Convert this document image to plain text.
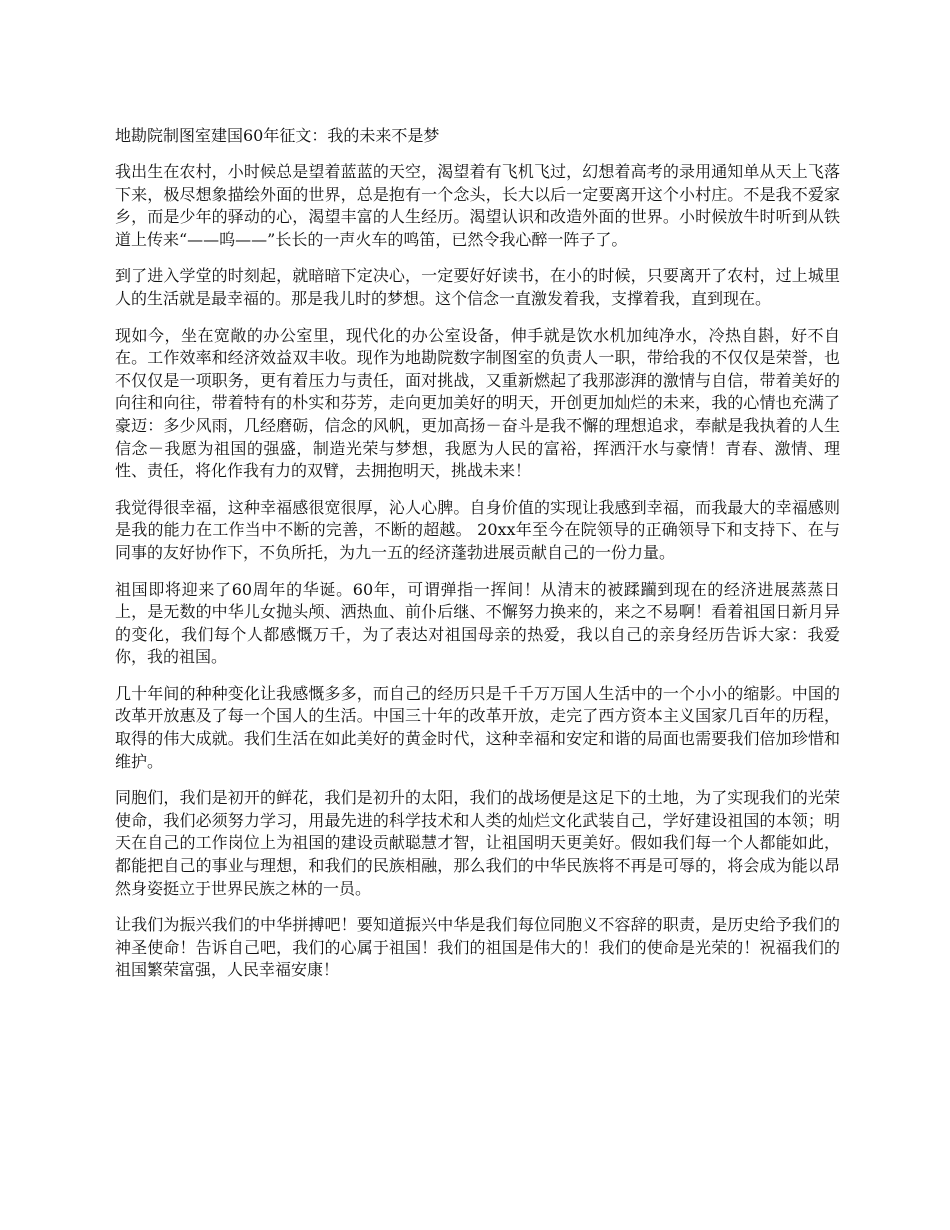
地勘院制图室建国60年征文：我的未来不是梦

我出生在农村，小时候总是望着蓝蓝的天空，渴望着有飞机飞过，幻想着高考的录用通知单从天上飞落下来，极尽想象描绘外面的世界，总是抱有一个念头，长大以后一定要离开这个小村庄。不是我不爱家乡，而是少年的驿动的心，渴望丰富的人生经历。渴望认识和改造外面的世界。小时候放牛时听到从铁道上传来“——呜——”长长的一声火车的鸣笛，已然令我心醉一阵子了。

到了进入学堂的时刻起，就暗暗下定决心，一定要好好读书，在小的时候，只要离开了农村，过上城里人的生活就是最幸福的。那是我儿时的梦想。这个信念一直激发着我，支撑着我，直到现在。

现如今，坐在宽敞的办公室里，现代化的办公室设备，伸手就是饮水机加纯净水，冷热自斟，好不自在。工作效率和经济效益双丰收。现作为地勘院数字制图室的负责人一职，带给我的不仅仅是荣誉，也不仅仅是一项职务，更有着压力与责任，面对挑战，又重新燃起了我那澎湃的激情与自信，带着美好的向往和向往，带着特有的朴实和芬芳，走向更加美好的明天，开创更加灿烂的未来，我的心情也充满了豪迈：多少风雨，几经磨砺，信念的风帆，更加高扬－奋斗是我不懈的理想追求，奉献是我执着的人生信念－我愿为祖国的强盛，制造光荣与梦想，我愿为人民的富裕，挥洒汗水与豪情！青春、激情、理性、责任，将化作我有力的双臂，去拥抱明天，挑战未来！

我觉得很幸福，这种幸福感很宽很厚，沁人心脾。自身价值的实现让我感到幸福，而我最大的幸福感则是我的能力在工作当中不断的完善，不断的超越。 20xx年至今在院领导的正确领导下和支持下、在与同事的友好协作下，不负所托，为九一五的经济蓬勃进展贡献自己的一份力量。

祖国即将迎来了60周年的华诞。60年，可谓弹指一挥间！从清末的被蹂躏到现在的经济进展蒸蒸日上，是无数的中华儿女抛头颅、洒热血、前仆后继、不懈努力换来的，来之不易啊！看着祖国日新月异的变化，我们每个人都感慨万千，为了表达对祖国母亲的热爱，我以自己的亲身经历告诉大家：我爱你，我的祖国。

几十年间的种种变化让我感慨多多，而自己的经历只是千千万万国人生活中的一个小小的缩影。中国的改革开放惠及了每一个国人的生活。中国三十年的改革开放，走完了西方资本主义国家几百年的历程，取得的伟大成就。我们生活在如此美好的黄金时代，这种幸福和安定和谐的局面也需要我们倍加珍惜和维护。

同胞们，我们是初开的鲜花，我们是初升的太阳，我们的战场便是这足下的土地，为了实现我们的光荣使命，我们必须努力学习，用最先进的科学技术和人类的灿烂文化武装自己，学好建设祖国的本领；明天在自己的工作岗位上为祖国的建设贡献聪慧才智，让祖国明天更美好。假如我们每一个人都能如此，都能把自己的事业与理想，和我们的民族相融，那么我们的中华民族将不再是可辱的，将会成为能以昂然身姿挺立于世界民族之林的一员。

让我们为振兴我们的中华拼搏吧！要知道振兴中华是我们每位同胞义不容辞的职责，是历史给予我们的神圣使命！告诉自己吧，我们的心属于祖国！我们的祖国是伟大的！我们的使命是光荣的！祝福我们的祖国繁荣富强，人民幸福安康！
